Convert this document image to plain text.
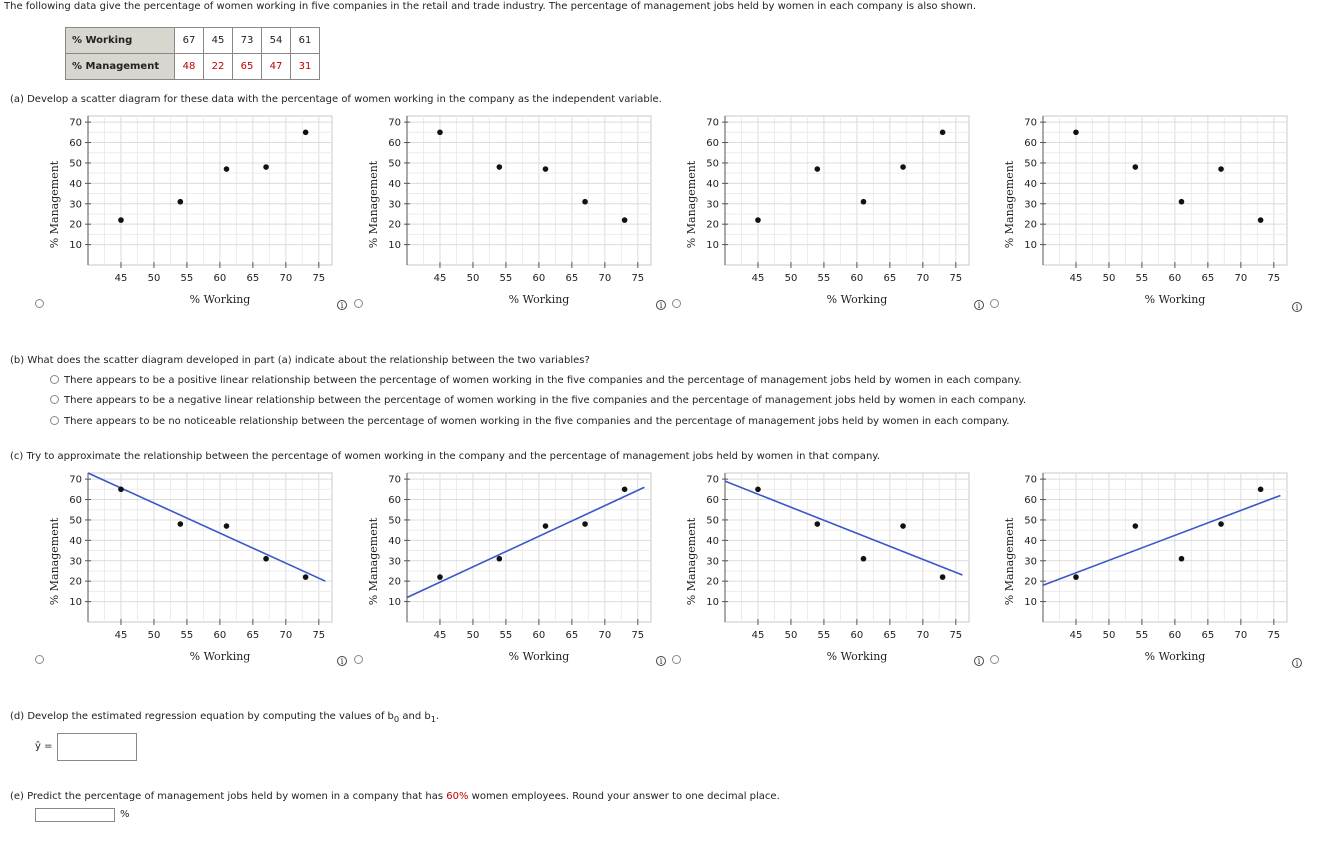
The following data give the percentage of women working in five companies in the retail and trade industry. The percentage of management jobs held by women in each company is also shown.
% Working	67	45	73	54	61
% Management	48	22	65	47	31
(a) Develop a scatter diagram for these data with the percentage of women working in the company as the independent variable.
45 50 55 60 65 70 75
10
20
30
40
50
60
70
% Working
% Management
45 50 55 60 65 70 75
10
20
30
40
50
60
70
% Working
% Management
45 50 55 60 65 70 75
10
20
30
40
50
60
70
% Working
% Management
45 50 55 60 65 70 75
10
20
30
40
50
60
70
% Working
% Management
i	i	i	i
(b) What does the scatter diagram developed in part (a) indicate about the relationship between the two variables?
There appears to be a positive linear relationship between the percentage of women working in the five companies and the percentage of management jobs held by women in each company.
There appears to be a negative linear relationship between the percentage of women working in the five companies and the percentage of management jobs held by women in each company.
There appears to be no noticeable relationship between the percentage of women working in the five companies and the percentage of management jobs held by women in each company.
(c) Try to approximate the relationship between the percentage of women working in the company and the percentage of management jobs held by women in that company.
45 50 55 60 65 70 75
10
20
30
40
50
60
70
% Working
% Management
45 50 55 60 65 70 75
10
20
30
40
50
60
70
% Working
% Management
45 50 55 60 65 70 75
10
20
30
40
50
60
70
% Working
% Management
45 50 55 60 65 70 75
10
20
30
40
50
60
70
% Working
% Management
i	i	i	i
(d) Develop the estimated regression equation by computing the values of $b_0$ and $b_1$.
ŷ =
(e) Predict the percentage of management jobs held by women in a company that has 60% women employees. Round your answer to one decimal place.
%
